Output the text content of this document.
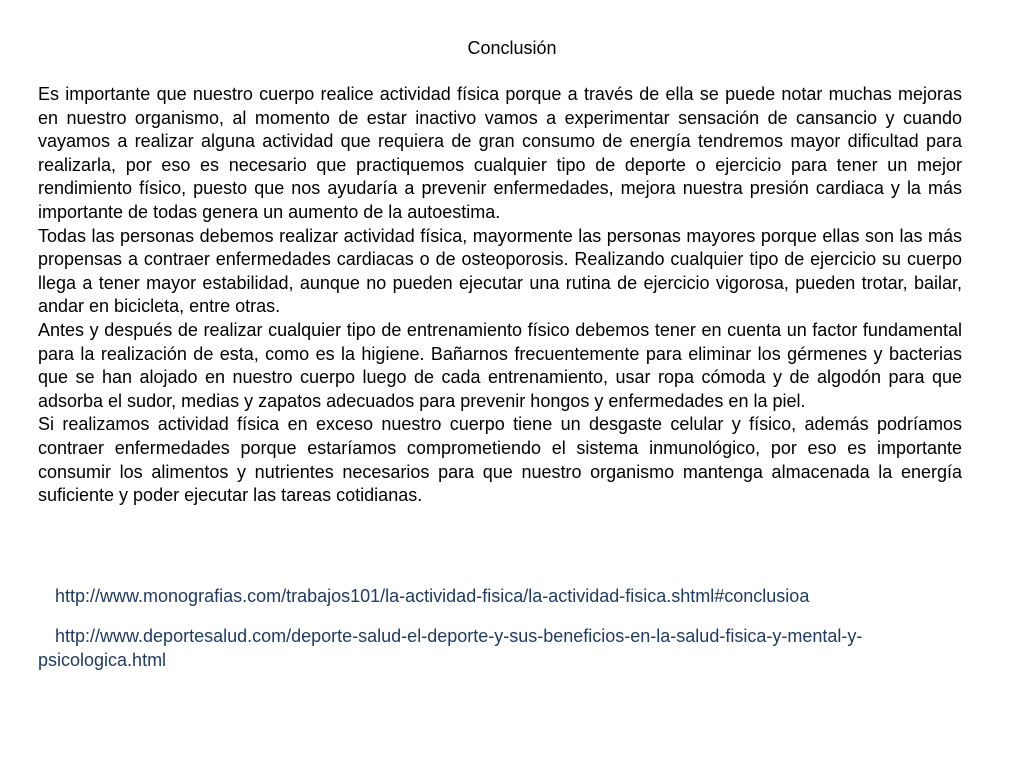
Conclusión

Es importante que nuestro cuerpo realice actividad física porque a través de ella se puede notar muchas mejoras en nuestro organismo, al momento de estar inactivo vamos a experimentar sensación de cansancio y cuando vayamos a realizar alguna actividad que requiera de gran consumo de energía tendremos mayor dificultad para realizarla, por eso es necesario que practiquemos cualquier tipo de deporte o ejercicio para tener un mejor rendimiento físico, puesto que nos ayudaría a prevenir enfermedades, mejora nuestra presión cardiaca y la más importante de todas genera un aumento de la autoestima.

Todas las personas debemos realizar actividad física, mayormente las personas mayores porque ellas son las más propensas a contraer enfermedades cardiacas o de osteoporosis. Realizando cualquier tipo de ejercicio su cuerpo llega a tener mayor estabilidad, aunque no pueden ejecutar una rutina de ejercicio vigorosa, pueden trotar, bailar, andar en bicicleta, entre otras.

Antes y después de realizar cualquier tipo de entrenamiento físico debemos tener en cuenta un factor fundamental para la realización de esta, como es la higiene. Bañarnos frecuentemente para eliminar los gérmenes y bacterias que se han alojado en nuestro cuerpo luego de cada entrenamiento, usar ropa cómoda y de algodón para que adsorba el sudor, medias y zapatos adecuados para prevenir hongos y enfermedades en la piel.

Si realizamos actividad física en exceso nuestro cuerpo tiene un desgaste celular y físico, además podríamos contraer enfermedades porque estaríamos comprometiendo el sistema inmunológico, por eso es importante consumir los alimentos y nutrientes necesarios para que nuestro organismo mantenga almacenada la energía suficiente y poder ejecutar las tareas cotidianas.

http://www.monografias.com/trabajos101/la-actividad-fisica/la-actividad-fisica.shtml#conclusioa
http://www.deportesalud.com/deporte-salud-el-deporte-y-sus-beneficios-en-la-salud-fisica-y-mental-y-psicologica.html
